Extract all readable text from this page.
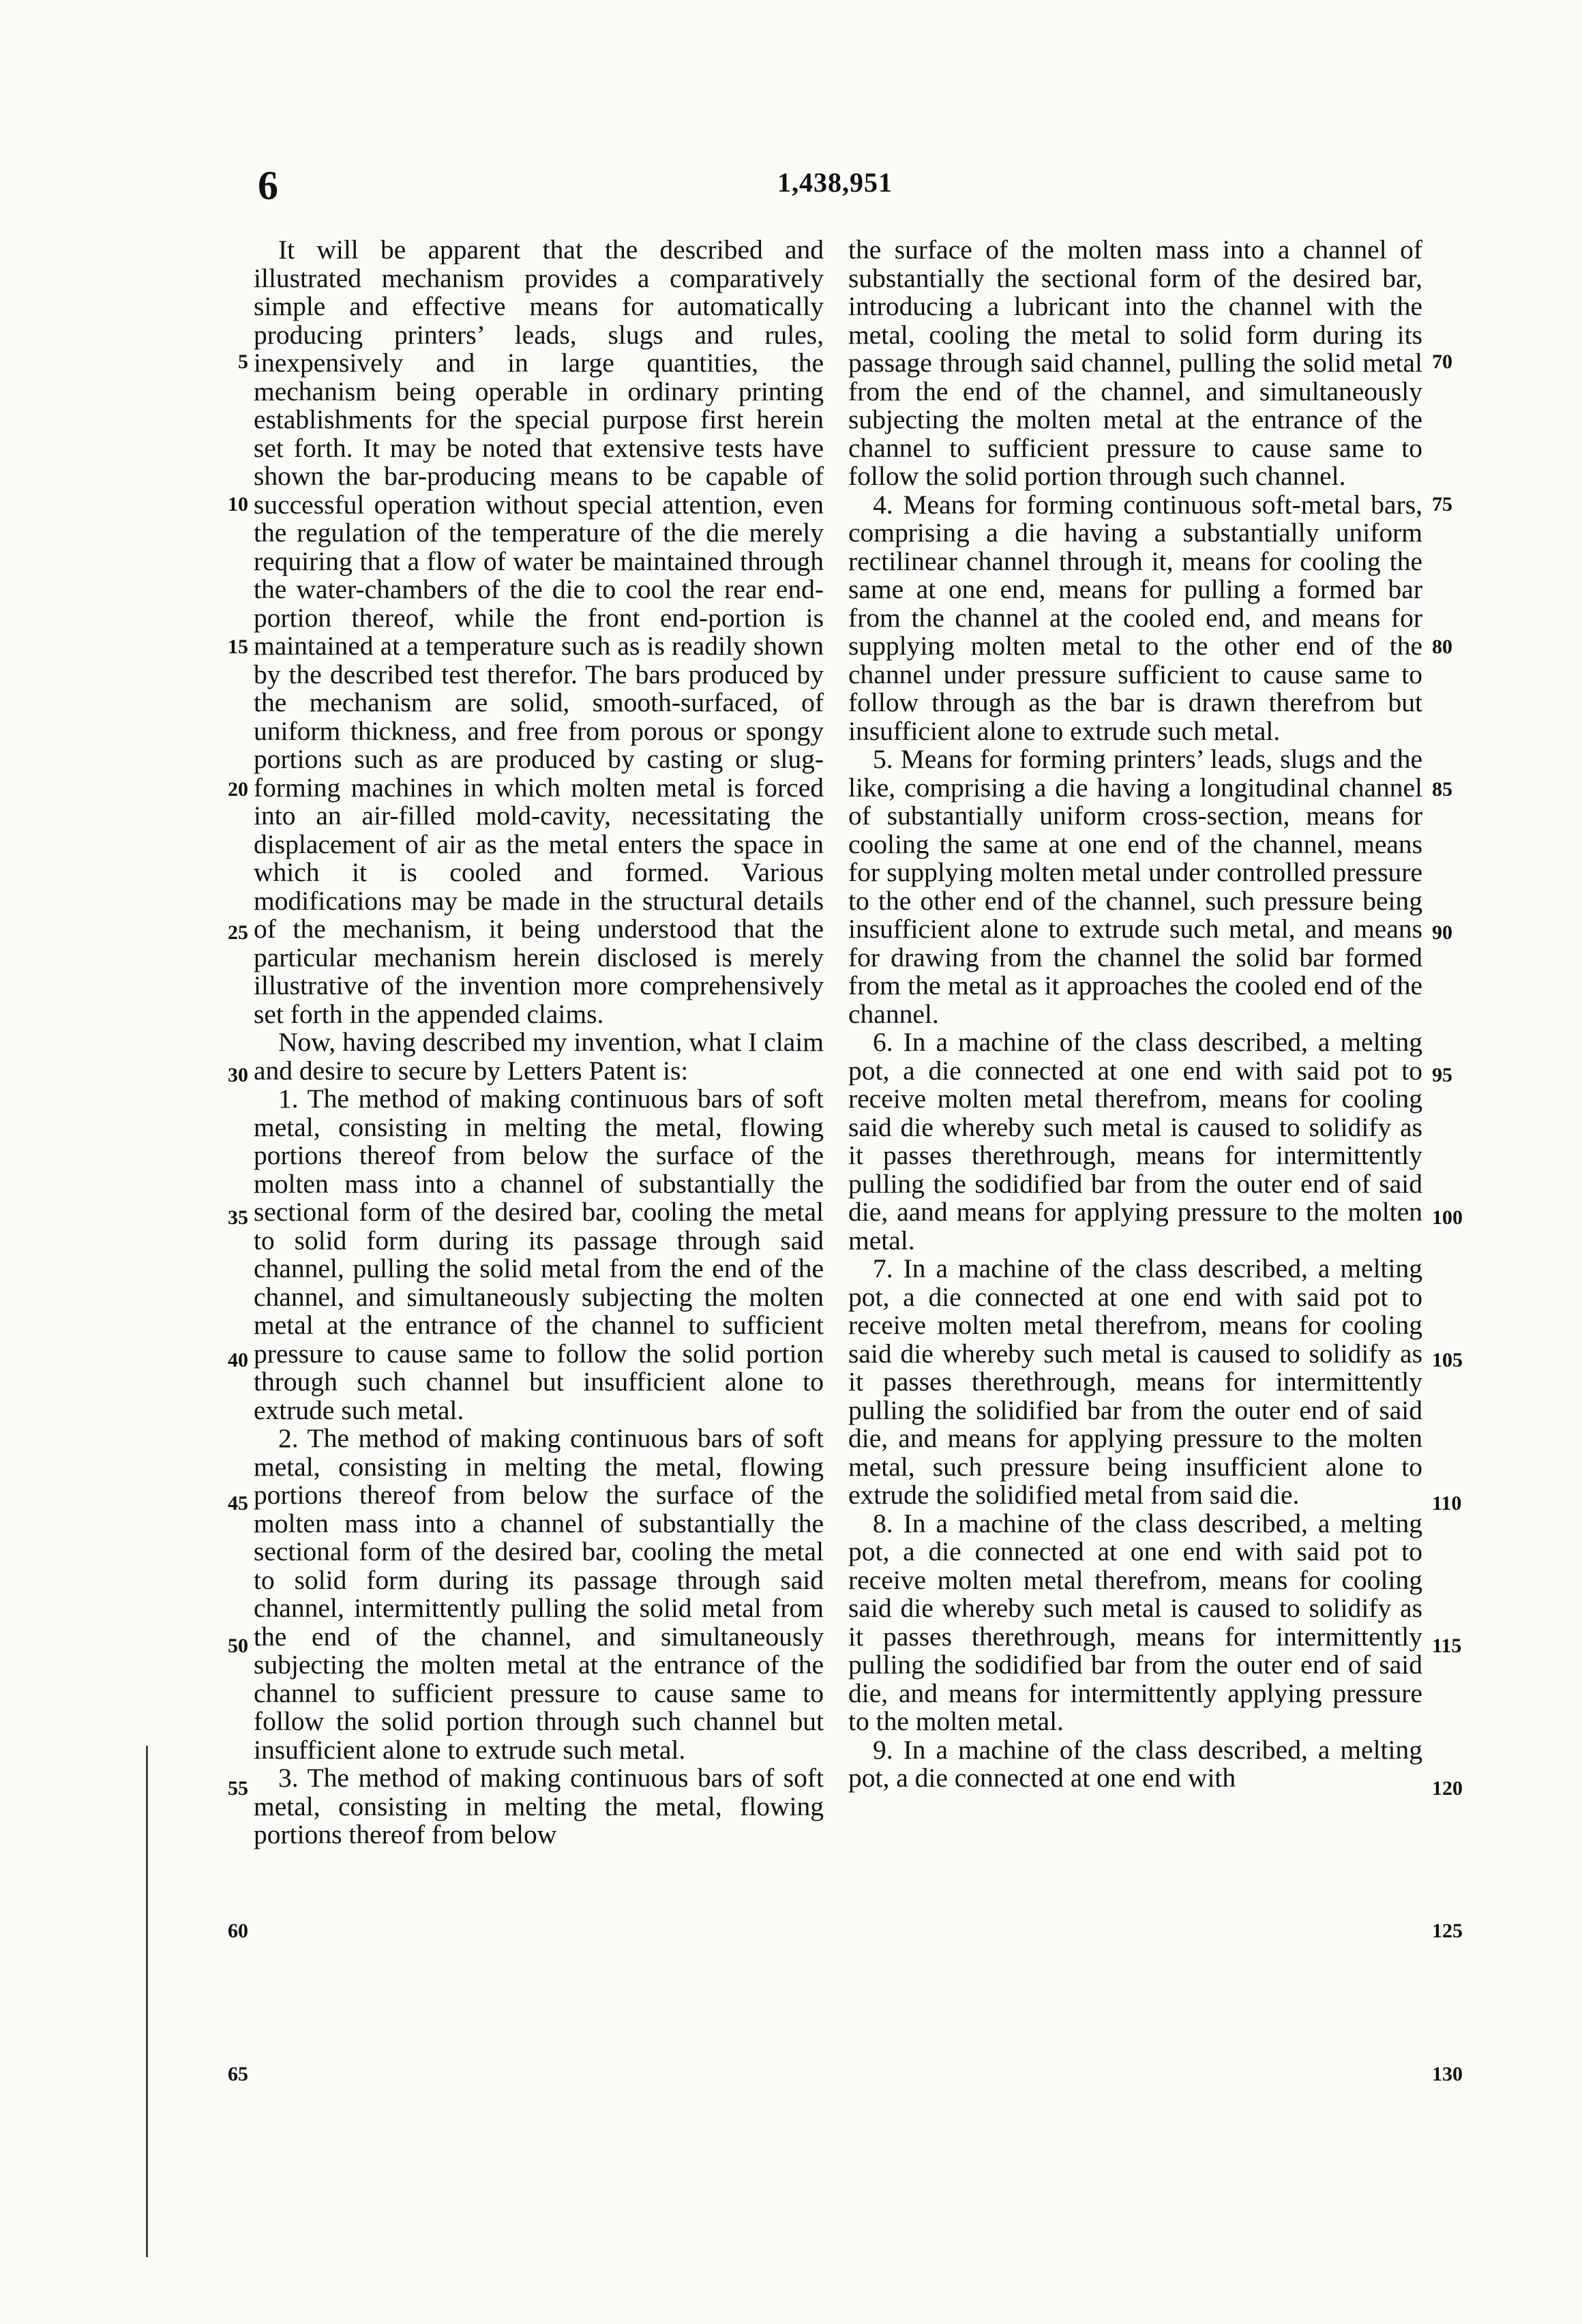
6	1,438,951

It will be apparent that the described and illustrated mechanism provides a comparatively simple and effective means for automatically producing printers’ leads, slugs and rules, inexpensively and in large quantities, the mechanism being operable in ordinary printing establishments for the special purpose first herein set forth. It may be noted that extensive tests have shown the bar-producing means to be capable of successful operation without special attention, even the regulation of the temperature of the die merely requiring that a flow of water be maintained through the water-chambers of the die to cool the rear end-portion thereof, while the front end-portion is maintained at a temperature such as is readily shown by the described test therefor. The bars produced by the mechanism are solid, smooth-surfaced, of uniform thickness, and free from porous or spongy portions such as are produced by casting or slug-forming machines in which molten metal is forced into an air-filled mold-cavity, necessitating the displacement of air as the metal enters the space in which it is cooled and formed. Various modifications may be made in the structural details of the mechanism, it being understood that the particular mechanism herein disclosed is merely illustrative of the invention more comprehensively set forth in the appended claims.

Now, having described my invention, what I claim and desire to secure by Letters Patent is:

1. The method of making continuous bars of soft metal, consisting in melting the metal, flowing portions thereof from below the surface of the molten mass into a channel of substantially the sectional form of the desired bar, cooling the metal to solid form during its passage through said channel, pulling the solid metal from the end of the channel, and simultaneously subjecting the molten metal at the entrance of the channel to sufficient pressure to cause same to follow the solid portion through such channel but insufficient alone to extrude such metal.

2. The method of making continuous bars of soft metal, consisting in melting the metal, flowing portions thereof from below the surface of the molten mass into a channel of substantially the sectional form of the desired bar, cooling the metal to solid form during its passage through said channel, intermittently pulling the solid metal from the end of the channel, and simultaneously subjecting the molten metal at the entrance of the channel to sufficient pressure to cause same to follow the solid portion through such channel but insufficient alone to extrude such metal.

3. The method of making continuous bars of soft metal, consisting in melting the metal, flowing portions thereof from below

the surface of the molten mass into a channel of substantially the sectional form of the desired bar, introducing a lubricant into the channel with the metal, cooling the metal to solid form during its passage through said channel, pulling the solid metal from the end of the channel, and simultaneously subjecting the molten metal at the entrance of the channel to sufficient pressure to cause same to follow the solid portion through such channel.

4. Means for forming continuous soft-metal bars, comprising a die having a substantially uniform rectilinear channel through it, means for cooling the same at one end, means for pulling a formed bar from the channel at the cooled end, and means for supplying molten metal to the other end of the channel under pressure sufficient to cause same to follow through as the bar is drawn therefrom but insufficient alone to extrude such metal.

5. Means for forming printers’ leads, slugs and the like, comprising a die having a longitudinal channel of substantially uniform cross-section, means for cooling the same at one end of the channel, means for supplying molten metal under controlled pressure to the other end of the channel, such pressure being insufficient alone to extrude such metal, and means for drawing from the channel the solid bar formed from the metal as it approaches the cooled end of the channel.

6. In a machine of the class described, a melting pot, a die connected at one end with said pot to receive molten metal therefrom, means for cooling said die whereby such metal is caused to solidify as it passes therethrough, means for intermittently pulling the sodidified bar from the outer end of said die, aand means for applying pressure to the molten metal.

7. In a machine of the class described, a melting pot, a die connected at one end with said pot to receive molten metal therefrom, means for cooling said die whereby such metal is caused to solidify as it passes therethrough, means for intermittently pulling the solidified bar from the outer end of said die, and means for applying pressure to the molten metal, such pressure being insufficient alone to extrude the solidified metal from said die.

8. In a machine of the class described, a melting pot, a die connected at one end with said pot to receive molten metal therefrom, means for cooling said die whereby such metal is caused to solidify as it passes therethrough, means for intermittently pulling the sodidified bar from the outer end of said die, and means for intermittently applying pressure to the molten metal.

9. In a machine of the class described, a melting pot, a die connected at one end with

5
10
15
20
25
30
35
40
45
50
55
60
65
70
75
80
85
90
95
100
105
110
115
120
125
130
